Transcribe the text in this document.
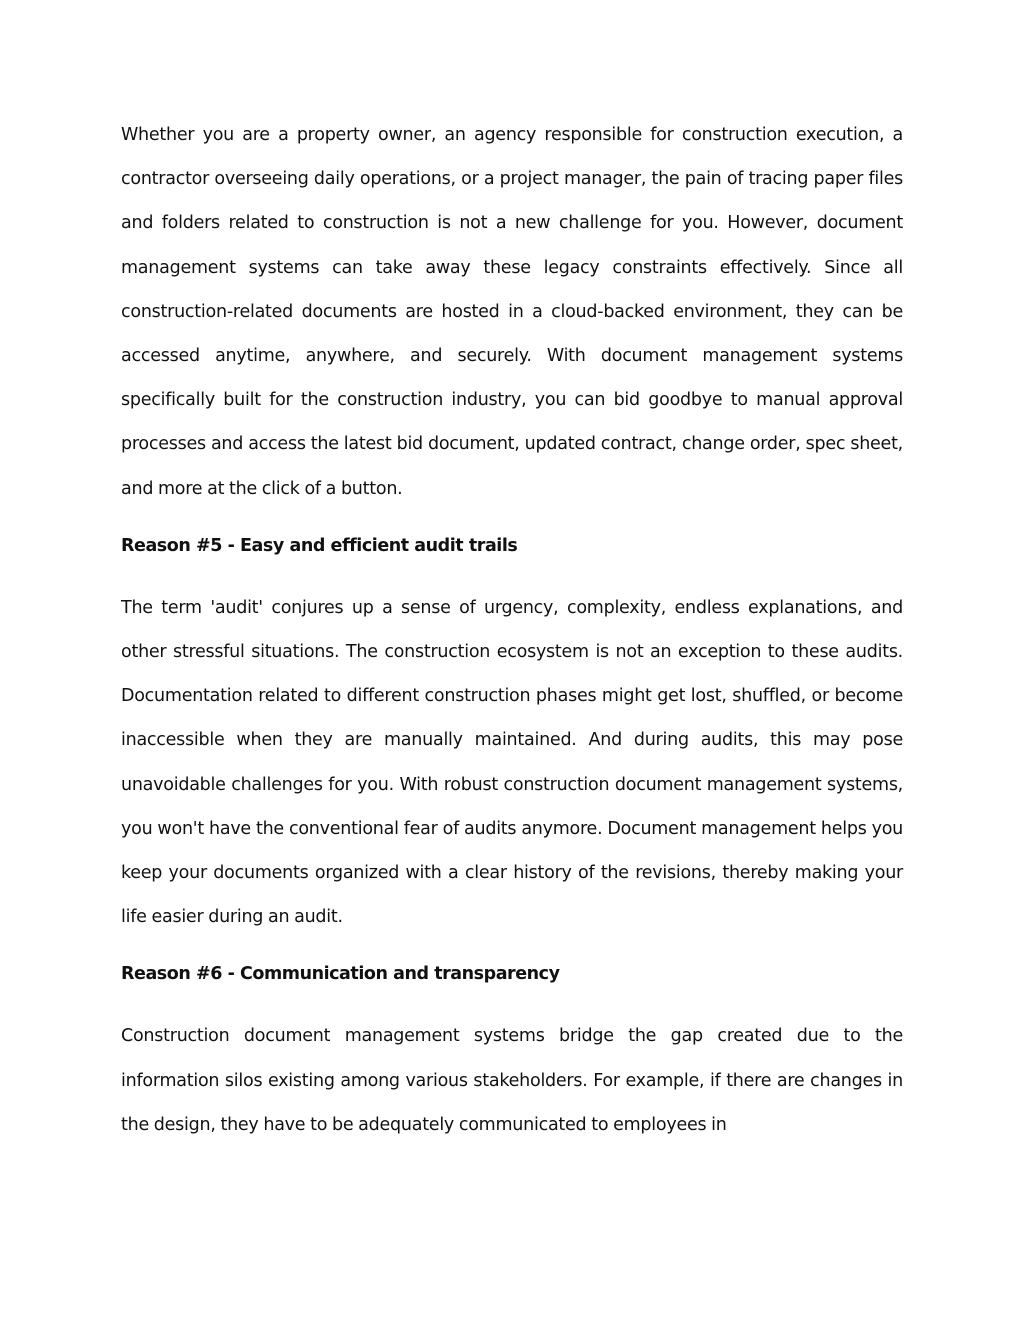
Whether you are a property owner, an agency responsible for construction execution, a contractor overseeing daily operations, or a project manager, the pain of tracing paper files and folders related to construction is not a new challenge for you. However, document management systems can take away these legacy constraints effectively. Since all construction-related documents are hosted in a cloud-backed environment, they can be accessed anytime, anywhere, and securely. With document management systems specifically built for the construction industry, you can bid goodbye to manual approval processes and access the latest bid document, updated contract, change order, spec sheet, and more at the click of a button.

Reason #5 - Easy and efficient audit trails

The term 'audit' conjures up a sense of urgency, complexity, endless explanations, and other stressful situations. The construction ecosystem is not an exception to these audits. Documentation related to different construction phases might get lost, shuffled, or become inaccessible when they are manually maintained. And during audits, this may pose unavoidable challenges for you. With robust construction document management systems, you won't have the conventional fear of audits anymore. Document management helps you keep your documents organized with a clear history of the revisions, thereby making your life easier during an audit.

Reason #6 - Communication and transparency

Construction document management systems bridge the gap created due to the information silos existing among various stakeholders. For example, if there are changes in the design, they have to be adequately communicated to employees in
